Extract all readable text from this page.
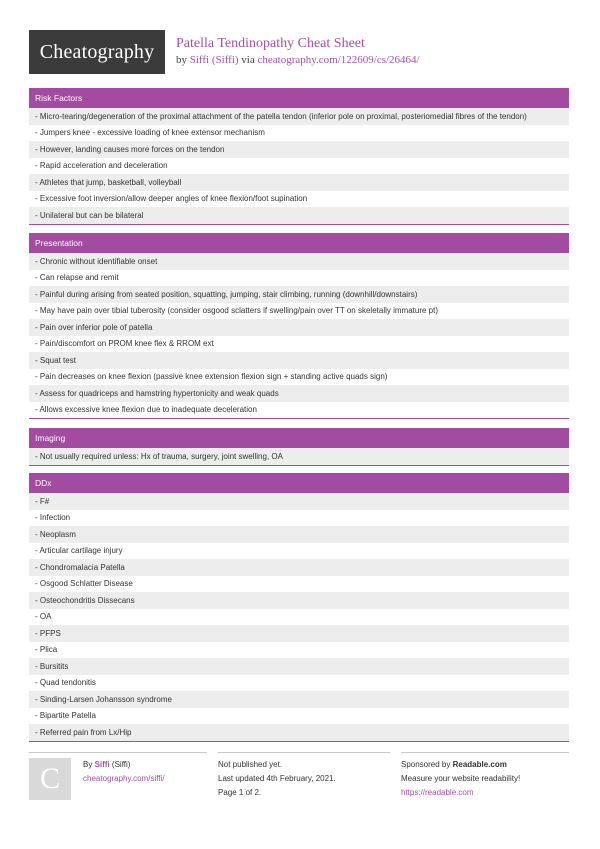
Cheatography Patella Tendinopathy Cheat Sheet
by Siffi (Siffi) via cheatography.com/122609/cs/26464/
Risk Factors
- Micro-tearing/degeneration of the proximal attachment of the patella tendon (inferior pole on proximal, posteriomedial fibres of the tendon)
- Jumpers knee - excessive loading of knee extensor mechanism
- However, landing causes more forces on the tendon
- Rapid acceleration and deceleration
- Athletes that jump, basketball, volleyball
- Excessive foot inversion/allow deeper angles of knee flexion/foot supination
- Unilateral but can be bilateral
Presentation
- Chronic without identifiable onset
- Can relapse and remit
- Painful during arising from seated position, squatting, jumping, stair climbing, running (downhill/downstairs)
- May have pain over tibial tuberosity (consider osgood sclatters if swelling/pain over TT on skeletally immature pt)
- Pain over inferior pole of patella
- Pain/discomfort on PROM knee flex & RROM ext
- Squat test
- Pain decreases on knee flexion (passive knee extension flexion sign + standing active quads sign)
- Assess for quadriceps and hamstring hypertonicity and weak quads
- Allows excessive knee flexion due to inadequate deceleration
Imaging
- Not usually required unless: Hx of trauma, surgery, joint swelling, OA
DDx
- F#
- Infection
- Neoplasm
- Articular cartilage injury
- Chondromalacia Patella
- Osgood Schlatter Disease
- Osteochondritis Dissecans
- OA
- PFPS
- Plica
- Bursitits
- Quad tendonitis
- Sinding-Larsen Johansson syndrome
- Bipartite Patella
- Referred pain from Lx/Hip
C	By Siffi (Siffi)
cheatography.com/siffi/
Not published yet.
Last updated 4th February, 2021.
Page 1 of 2.
Sponsored by Readable.com
Measure your website readability!
https://readable.com
